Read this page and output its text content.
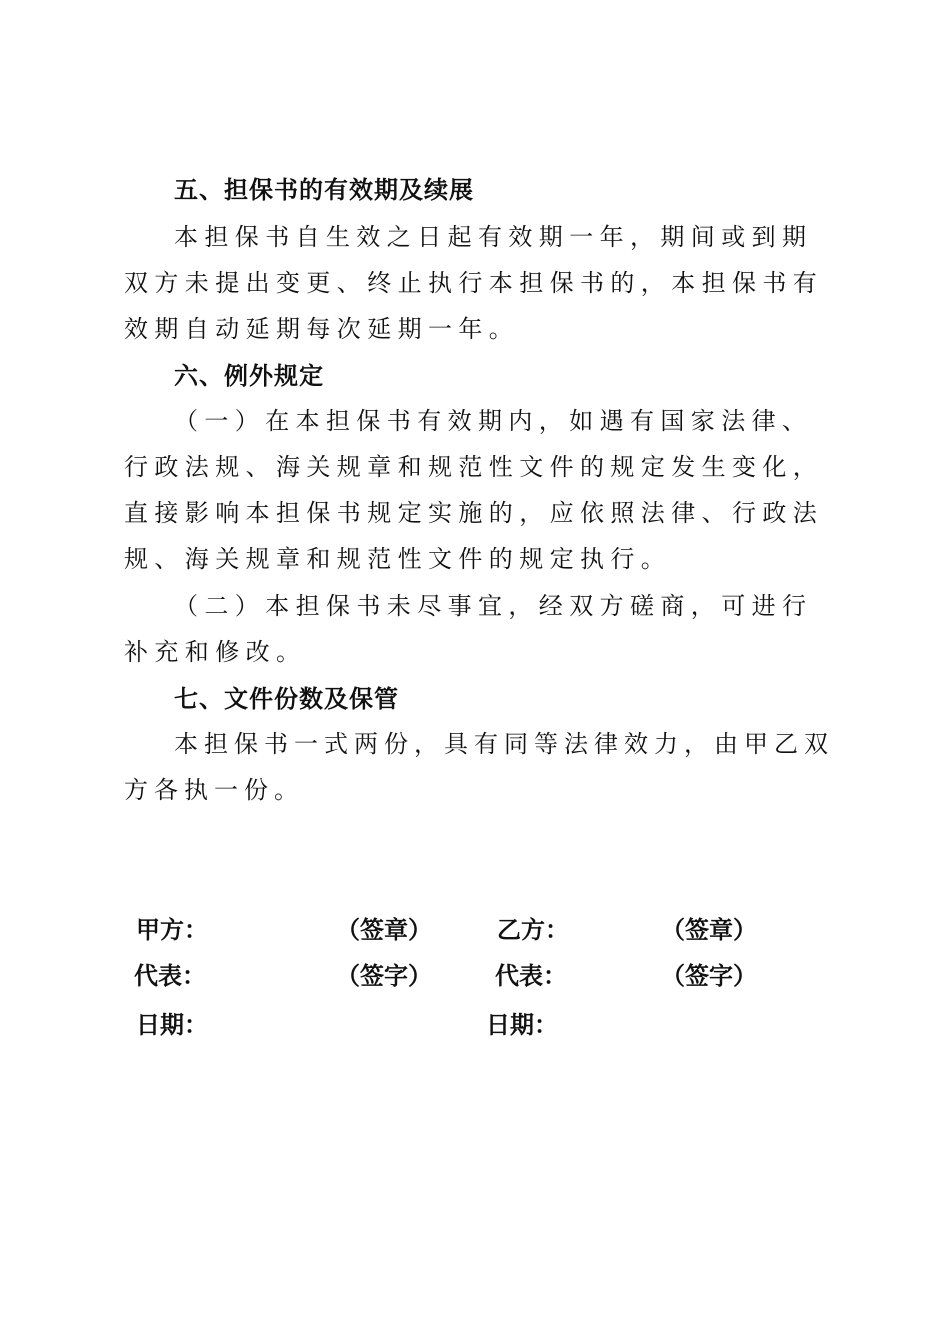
五、担保书的有效期及续展

本担保书自生效之日起有效期一年，期间或到期双方未提出变更、终止执行本担保书的，本担保书有效期自动延期每次延期一年。

六、例外规定

（一）在本担保书有效期内，如遇有国家法律、行政法规、海关规章和规范性文件的规定发生变化，直接影响本担保书规定实施的，应依照法律、行政法规、海关规章和规范性文件的规定执行。

（二）本担保书未尽事宜，经双方磋商，可进行补充和修改。

七、文件份数及保管

本担保书一式两份，具有同等法律效力，由甲乙双方各执一份。

甲方：	（签章）	乙方：	（签章）
代表：	（签字）	代表：	（签字）
日期：	日期：
